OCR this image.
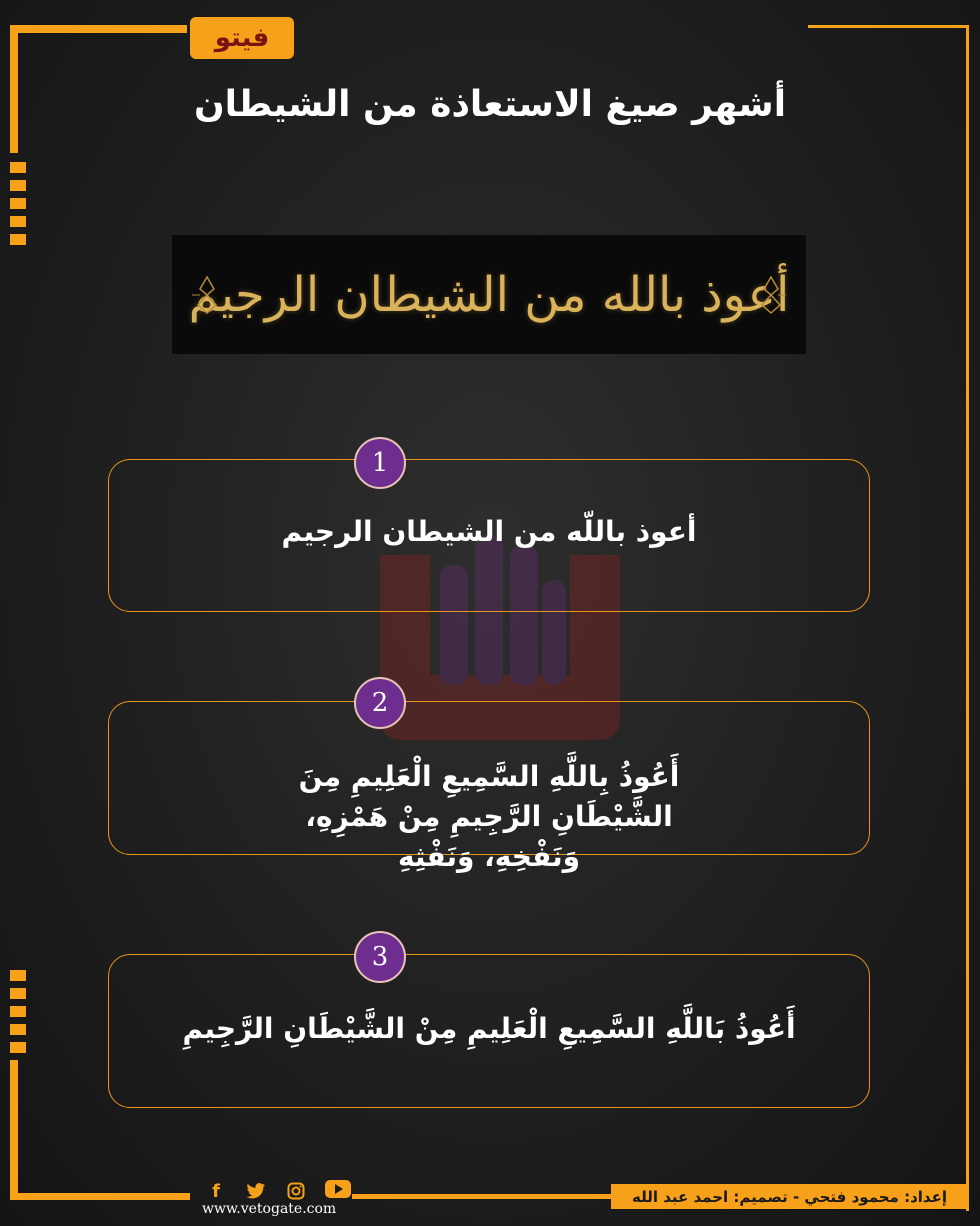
فيتو
أشهر صيغ الاستعاذة من الشيطان
أعوذ بالله من الشيطان الرجيم
أعوذ باللّه من الشيطان الرجيم
1
أَعُوذُ بِاللَّهِ السَّمِيعِ الْعَلِيمِ مِنَ الشَّيْطَانِ الرَّجِيمِ مِنْ هَمْزِهِ، وَنَفْخِهِ، وَنَفْثِهِ
2
أَعُوذُ بَاللَّهِ السَّمِيعِ الْعَلِيمِ مِنْ الشَّيْطَانِ الرَّجِيمِ
3
f
www.vetogate.com
إعداد: محمود فتحي - تصميم: احمد عبد الله
